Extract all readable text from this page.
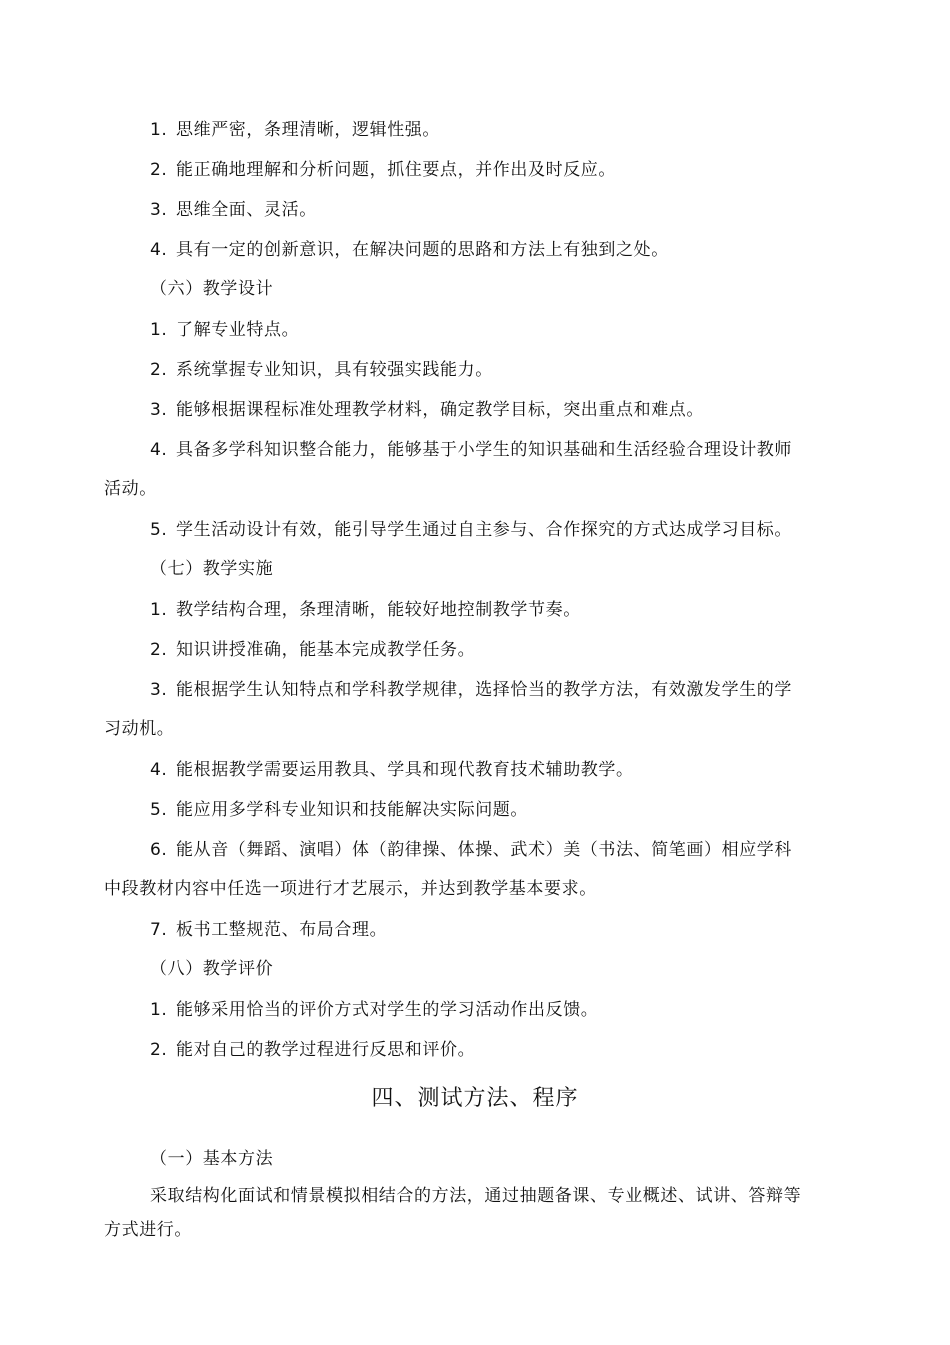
1. 思维严密，条理清晰，逻辑性强。
2. 能正确地理解和分析问题，抓住要点，并作出及时反应。
3. 思维全面、灵活。
4. 具有一定的创新意识，在解决问题的思路和方法上有独到之处。
（六）教学设计
1. 了解专业特点。
2. 系统掌握专业知识，具有较强实践能力。
3. 能够根据课程标准处理教学材料，确定教学目标，突出重点和难点。
4. 具备多学科知识整合能力，能够基于小学生的知识基础和生活经验合理设计教师
活动。
5. 学生活动设计有效，能引导学生通过自主参与、合作探究的方式达成学习目标。
（七）教学实施
1. 教学结构合理，条理清晰，能较好地控制教学节奏。
2. 知识讲授准确，能基本完成教学任务。
3. 能根据学生认知特点和学科教学规律，选择恰当的教学方法，有效激发学生的学
习动机。
4. 能根据教学需要运用教具、学具和现代教育技术辅助教学。
5. 能应用多学科专业知识和技能解决实际问题。
6. 能从音（舞蹈、演唱）体（韵律操、体操、武术）美（书法、简笔画）相应学科
中段教材内容中任选一项进行才艺展示，并达到教学基本要求。
7. 板书工整规范、布局合理。
（八）教学评价
1. 能够采用恰当的评价方式对学生的学习活动作出反馈。
2. 能对自己的教学过程进行反思和评价。
四、测试方法、程序
（一）基本方法
采取结构化面试和情景模拟相结合的方法，通过抽题备课、专业概述、试讲、答辩等
方式进行。
